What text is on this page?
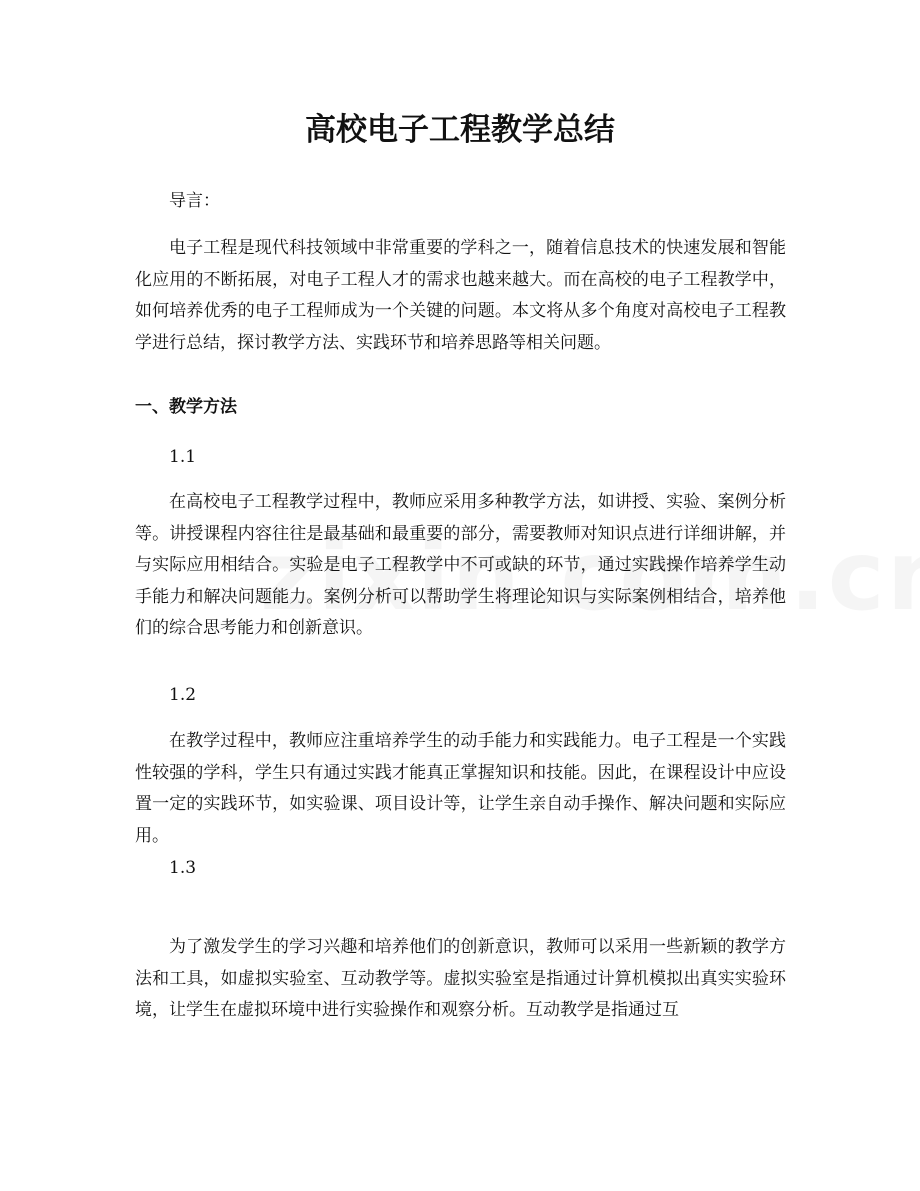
高校电子工程教学总结

导言：

电子工程是现代科技领域中非常重要的学科之一，随着信息技术的快速发展和智能化应用的不断拓展，对电子工程人才的需求也越来越大。而在高校的电子工程教学中，如何培养优秀的电子工程师成为一个关键的问题。本文将从多个角度对高校电子工程教学进行总结，探讨教学方法、实践环节和培养思路等相关问题。

一、教学方法

1.1

在高校电子工程教学过程中，教师应采用多种教学方法，如讲授、实验、案例分析等。讲授课程内容往往是最基础和最重要的部分，需要教师对知识点进行详细讲解，并与实际应用相结合。实验是电子工程教学中不可或缺的环节，通过实践操作培养学生动手能力和解决问题能力。案例分析可以帮助学生将理论知识与实际案例相结合，培养他们的综合思考能力和创新意识。

1.2

在教学过程中，教师应注重培养学生的动手能力和实践能力。电子工程是一个实践性较强的学科，学生只有通过实践才能真正掌握知识和技能。因此，在课程设计中应设置一定的实践环节，如实验课、项目设计等，让学生亲自动手操作、解决问题和实际应用。

1.3

为了激发学生的学习兴趣和培养他们的创新意识，教师可以采用一些新颖的教学方法和工具，如虚拟实验室、互动教学等。虚拟实验室是指通过计算机模拟出真实实验环境，让学生在虚拟环境中进行实验操作和观察分析。互动教学是指通过互
